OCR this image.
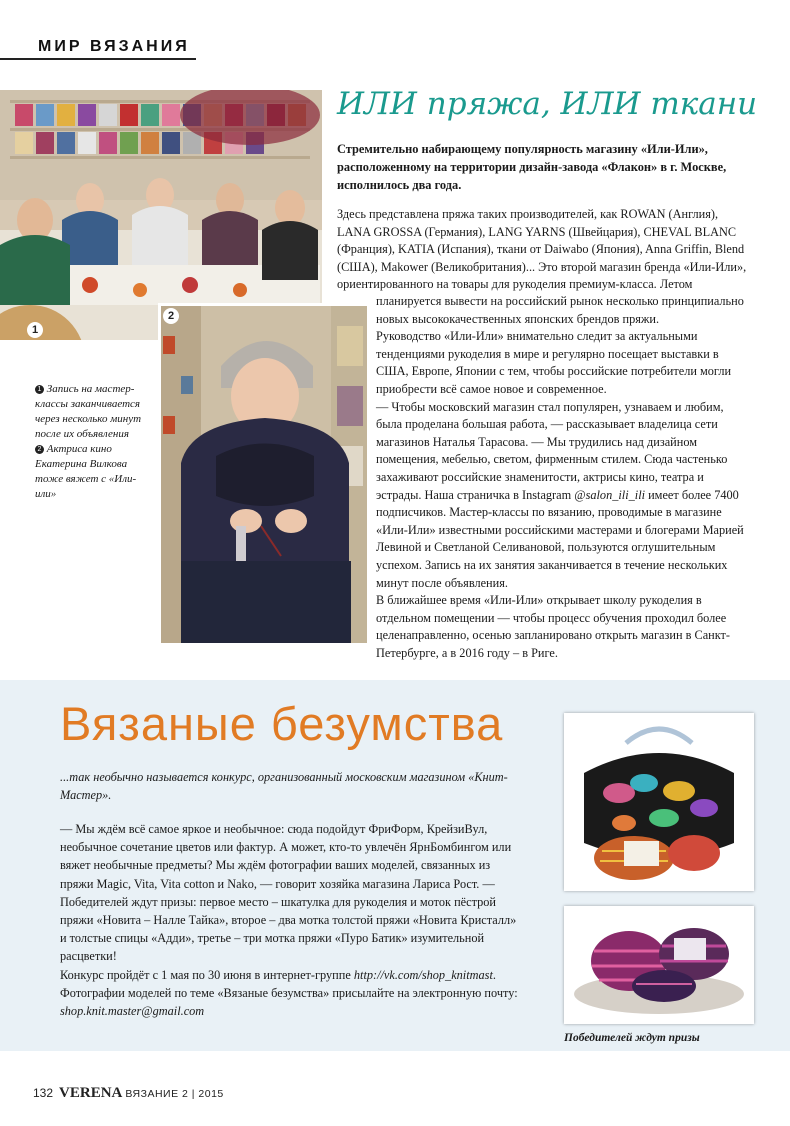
МИР ВЯЗАНИЯ
1
2

1 Запись на мастер-классы заканчивается через несколько минут после их объявления

2 Актриса кино Екатерина Вилкова тоже вяжет с «Или-или»

ИЛИ пряжа, ИЛИ ткани
Стремительно набирающему популярность магазину «Или-Или», расположенному на территории дизайн-завода «Флакон» в г. Москве, исполнилось два года.

Здесь представлена пряжа таких производителей, как ROWAN (Англия), LANA GROSSA (Германия), LANG YARNS (Швейцария), CHEVAL BLANC (Франция), KATIA (Испания), ткани от Daiwabo (Япония), Anna Griffin, Blend (США), Makower (Великобритания)... Это второй магазин бренда «Или-Или», ориентированного на товары для рукоделия премиум-класса. Летом

планируется вывести на российский рынок несколько принципиально новых высококачественных японских брендов пряжи.

Руководство «Или-Или» внимательно следит за актуальными тенденциями рукоделия в мире и регулярно посещает выставки в США, Европе, Японии с тем, чтобы российские потребители могли приобрести всё самое новое и современное.

— Чтобы московский магазин стал популярен, узнаваем и любим, была проделана большая работа, — рассказывает владелица сети магазинов Наталья Тарасова. — Мы трудились над дизайном помещения, мебелью, светом, фирменным стилем. Сюда частенько захаживают российские знаменитости, актрисы кино, театра и эстрады. Наша страничка в Instagram @salon_ili_ili имеет более 7400 подписчиков. Мастер-классы по вязанию, проводимые в магазине «Или-Или» известными российскими мастерами и блогерами Марией Левиной и Светланой Селивановой, пользуются оглушительным успехом. Запись на их занятия заканчивается в течение нескольких минут после объявления.

В ближайшее время «Или-Или» открывает школу рукоделия в отдельном помещении — чтобы процесс обучения проходил более целенаправленно, осенью запланировано открыть магазин в Санкт-Петербурге, а в 2016 году – в Риге.

Вязаные безумства
...так необычно называется конкурс, организованный московским магазином «Книт-Мастер».

— Мы ждём всё самое яркое и необычное: сюда подойдут ФриФорм, КрейзиВул, необычное сочетание цветов или фактур. А может, кто-то увлечён ЯрнБомбингом или вяжет необычные предметы? Мы ждём фотографии ваших моделей, связанных из пряжи Magic, Vita, Vita cotton и Nako, — говорит хозяйка магазина Лариса Рост. — Победителей ждут призы: первое место – шкатулка для рукоделия и моток пёстрой пряжи «Новита – Налле Тайка», второе – два мотка толстой пряжи «Новита Кристалл» и толстые спицы «Адди», третье – три мотка пряжи «Пуро Батик» изумительной расцветки!

Конкурс пройдёт с 1 мая по 30 июня в интернет-группе http://vk.com/shop_knitmast.

Фотографии моделей по теме «Вязаные безумства» присылайте на электронную почту: shop.knit.master@gmail.com

Победителей ждут призы
132 VERENA ВЯЗАНИЕ 2 | 2015
